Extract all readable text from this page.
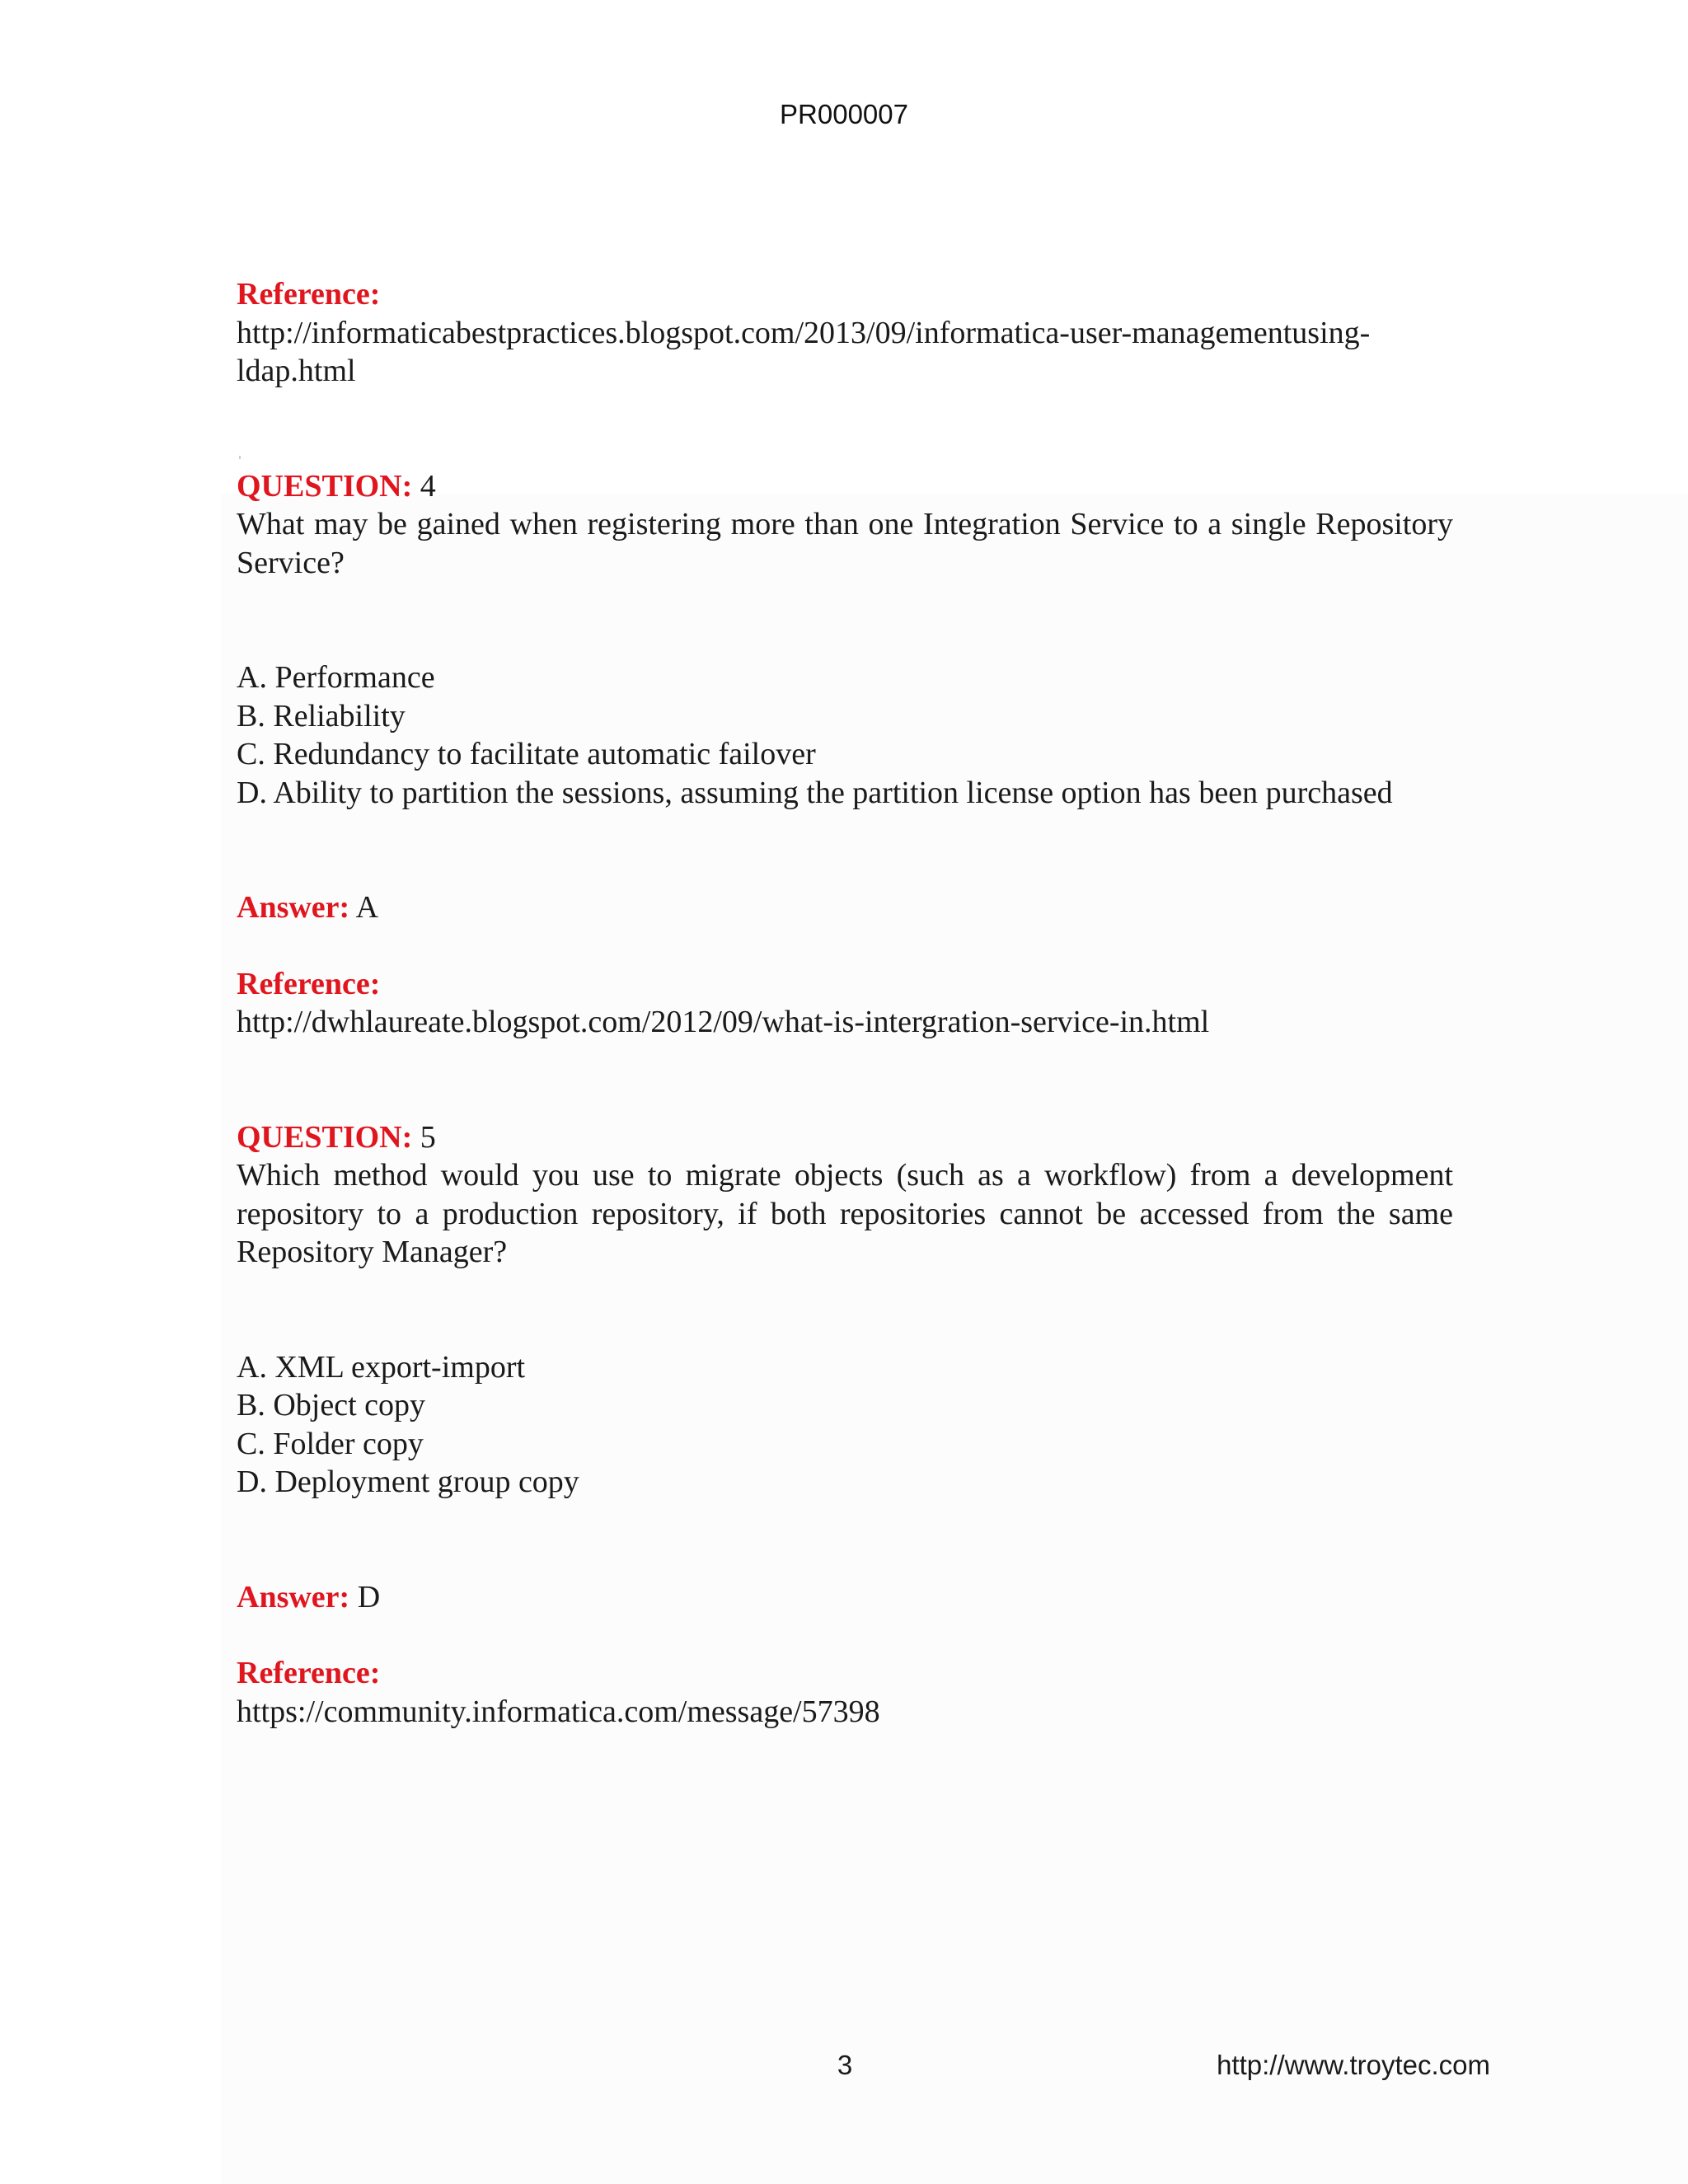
PR000007
Reference:
http://informaticabestpractices.blogspot.com/2013/09/informatica-user-managementusing-
ldap.html
QUESTION: 4
What may be gained when registering more than one Integration Service to a single Repository Service?
A. Performance
B. Reliability
C. Redundancy to facilitate automatic failover
D. Ability to partition the sessions, assuming the partition license option has been purchased
Answer: A
Reference:
http://dwhlaureate.blogspot.com/2012/09/what-is-intergration-service-in.html
QUESTION: 5
Which method would you use to migrate objects (such as a workflow) from a development repository to a production repository, if both repositories cannot be accessed from the same Repository Manager?
A. XML export-import
B. Object copy
C. Folder copy
D. Deployment group copy
Answer: D
Reference:
https://community.informatica.com/message/57398
3	http://www.troytec.com
